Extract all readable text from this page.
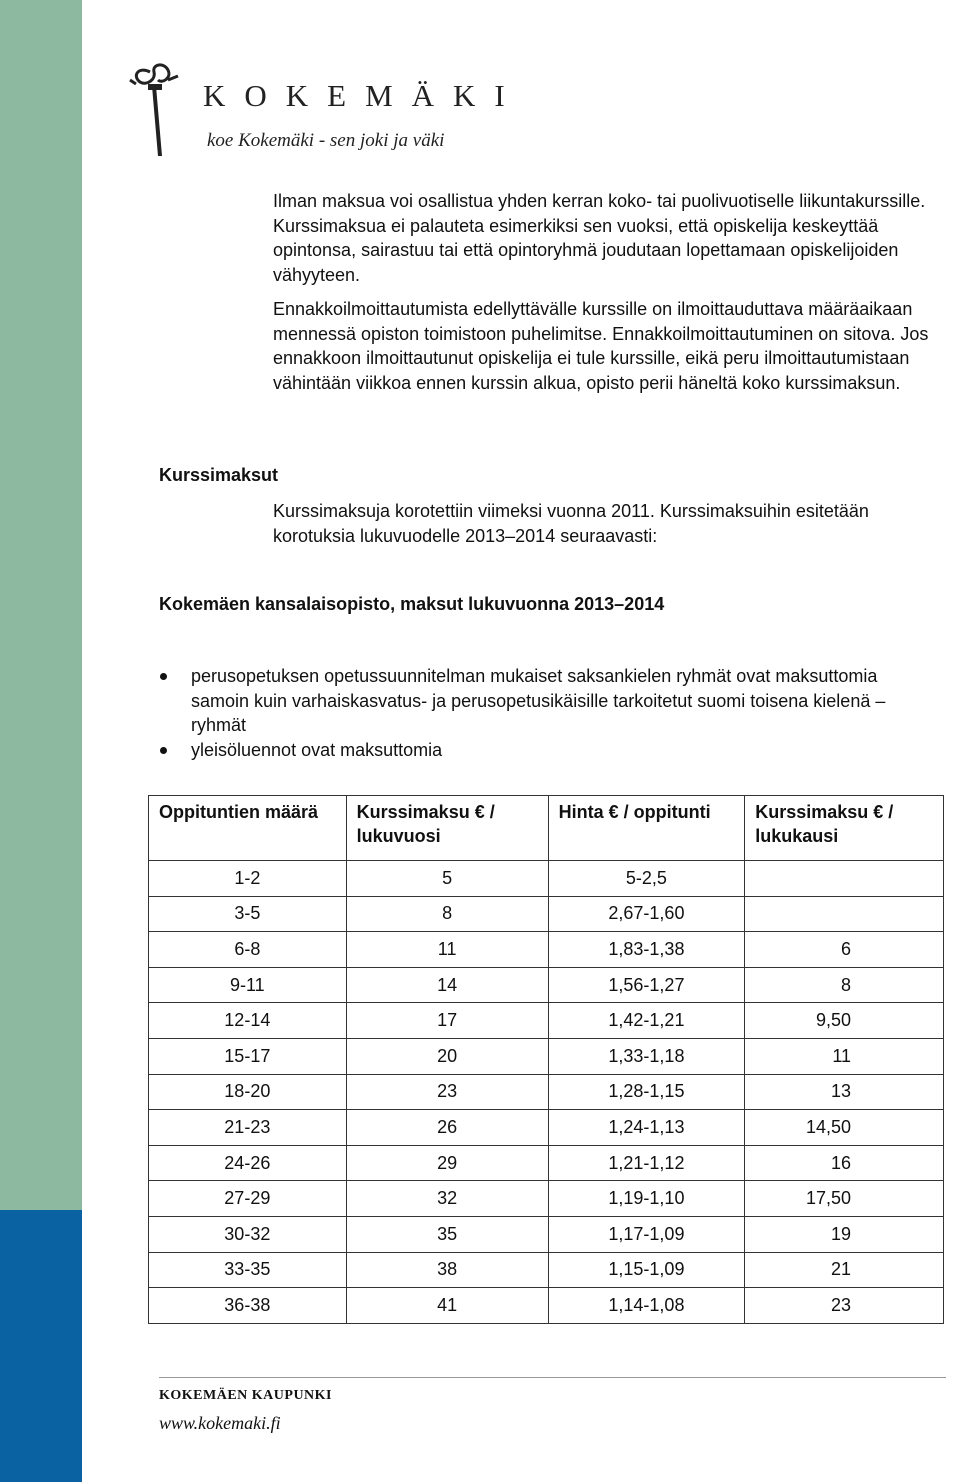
KOKEMÄKI
koe Kokemäki - sen joki ja väki

Ilman maksua voi osallistua yhden kerran koko- tai puolivuotiselle liikuntakurssille. Kurssimaksua ei palauteta esimerkiksi sen vuoksi, että opiskelija keskeyttää opintonsa, sairastuu tai että opintoryhmä joudutaan lopettamaan opiskelijoiden vähyyteen.

Ennakkoilmoittautumista edellyttävälle kurssille on ilmoittauduttava määräaikaan mennessä opiston toimistoon puhelimitse. Ennakkoilmoittautuminen on sitova. Jos ennakkoon ilmoittautunut opiskelija ei tule kurssille, eikä peru ilmoittautumistaan vähintään viikkoa ennen kurssin alkua, opisto perii häneltä koko kurssimaksun.

Kurssimaksut

Kurssimaksuja korotettiin viimeksi vuonna 2011. Kurssimaksuihin esitetään korotuksia lukuvuodelle 2013–2014 seuraavasti:

Kokemäen kansalaisopisto, maksut lukuvuonna 2013–2014
perusopetuksen opetussuunnitelman mukaiset saksankielen ryhmät ovat maksuttomia samoin kuin varhaiskasvatus- ja perusopetusikäisille tarkoitetut suomi toisena kielenä – ryhmät
yleisöluennot ovat maksuttomia
Oppituntien määrä	Kurssimaksu € / lukuvuosi	Hinta € / oppitunti	Kurssimaksu € / lukukausi
1-2	5	5-2,5	
3-5	8	2,67-1,60	
6-8	11	1,83-1,38	6
9-11	14	1,56-1,27	8
12-14	17	1,42-1,21	9,50
15-17	20	1,33-1,18	11
18-20	23	1,28-1,15	13
21-23	26	1,24-1,13	14,50
24-26	29	1,21-1,12	16
27-29	32	1,19-1,10	17,50
30-32	35	1,17-1,09	19
33-35	38	1,15-1,09	21
36-38	41	1,14-1,08	23
KOKEMÄEN KAUPUNKI
www.kokemaki.fi
